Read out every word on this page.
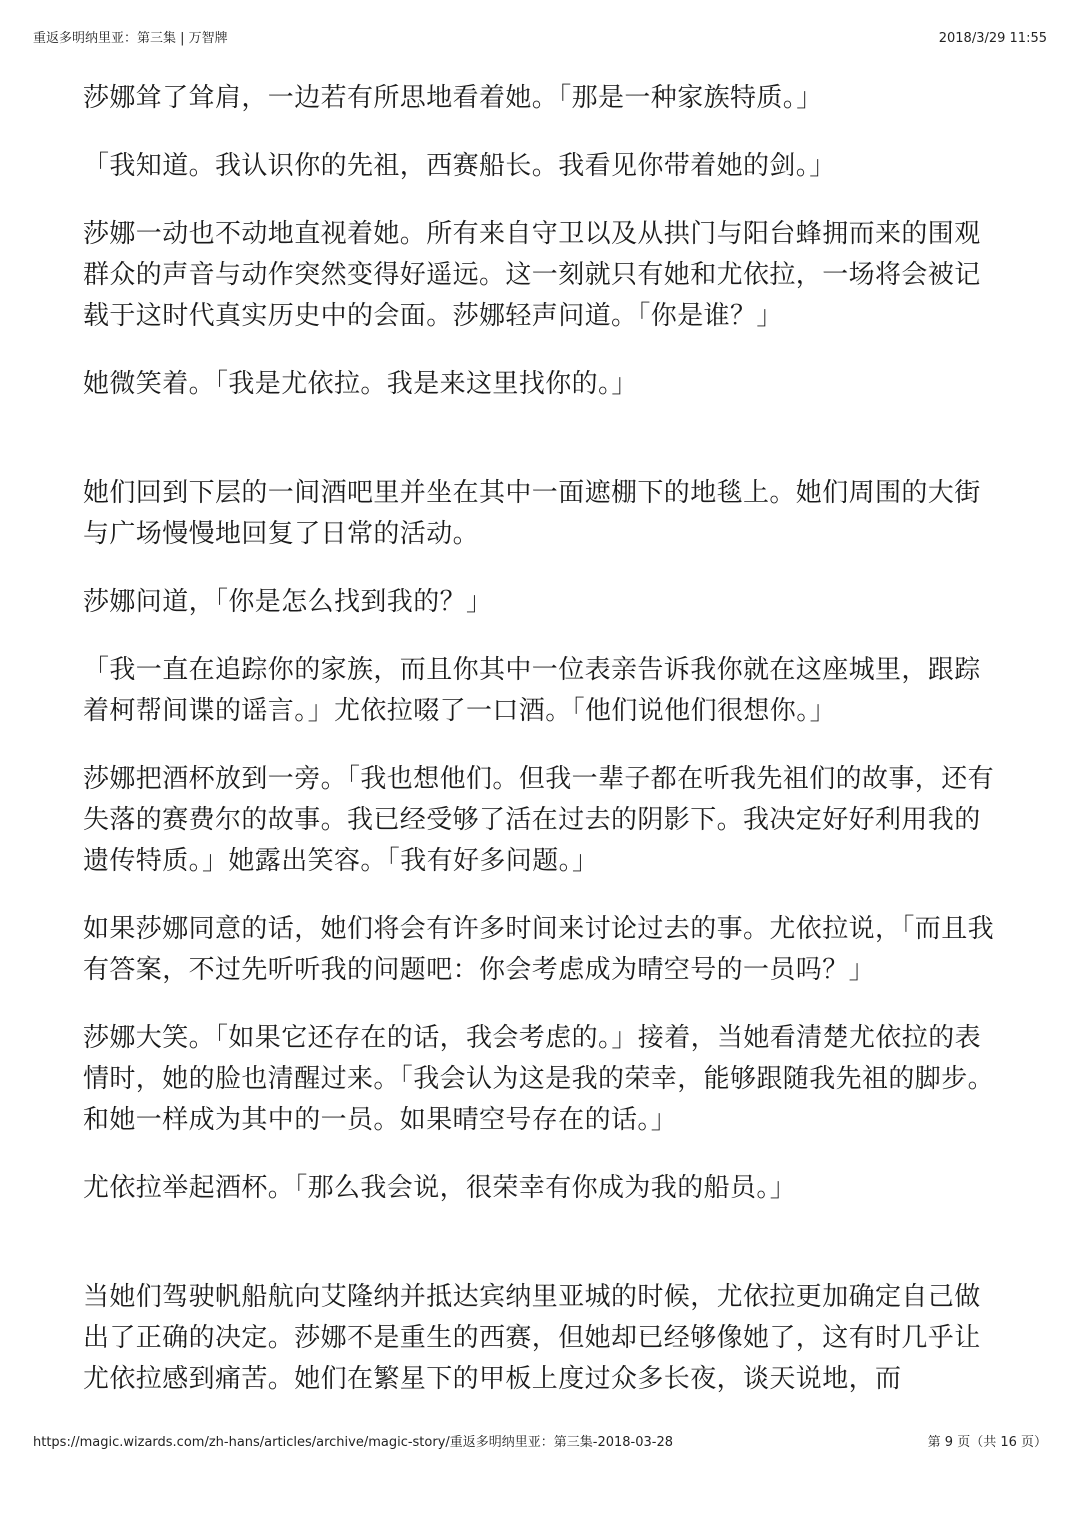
重返多明纳里亚：第三集 | 万智牌	2018/3/29 11:55

莎娜耸了耸肩，一边若有所思地看着她。「那是一种家族特质。」

「我知道。我认识你的先祖，西赛船长。我看见你带着她的剑。」

莎娜一动也不动地直视着她。所有来自守卫以及从拱门与阳台蜂拥而来的围观群众的声音与动作突然变得好遥远。这一刻就只有她和尤依拉，一场将会被记载于这时代真实历史中的会面。莎娜轻声问道。「你是谁？」

她微笑着。「我是尤依拉。我是来这里找你的。」

她们回到下层的一间酒吧里并坐在其中一面遮棚下的地毯上。她们周围的大街与广场慢慢地回复了日常的活动。

莎娜问道，「你是怎么找到我的？」

「我一直在追踪你的家族，而且你其中一位表亲告诉我你就在这座城里，跟踪着柯帮间谍的谣言。」尤依拉啜了一口酒。「他们说他们很想你。」

莎娜把酒杯放到一旁。「我也想他们。但我一辈子都在听我先祖们的故事，还有失落的赛费尔的故事。我已经受够了活在过去的阴影下。我决定好好利用我的遗传特质。」她露出笑容。「我有好多问题。」

如果莎娜同意的话，她们将会有许多时间来讨论过去的事。尤依拉说，「而且我有答案，不过先听听我的问题吧：你会考虑成为晴空号的一员吗？」

莎娜大笑。「如果它还存在的话，我会考虑的。」接着，当她看清楚尤依拉的表情时，她的脸也清醒过来。「我会认为这是我的荣幸，能够跟随我先祖的脚步。和她一样成为其中的一员。如果晴空号存在的话。」

尤依拉举起酒杯。「那么我会说，很荣幸有你成为我的船员。」

当她们驾驶帆船航向艾隆纳并抵达宾纳里亚城的时候，尤依拉更加确定自己做出了正确的决定。莎娜不是重生的西赛，但她却已经够像她了，这有时几乎让尤依拉感到痛苦。她们在繁星下的甲板上度过众多长夜，谈天说地，而

https://magic.wizards.com/zh-hans/articles/archive/magic-story/重返多明纳里亚：第三集-2018-03-28	第 9 页（共 16 页）
